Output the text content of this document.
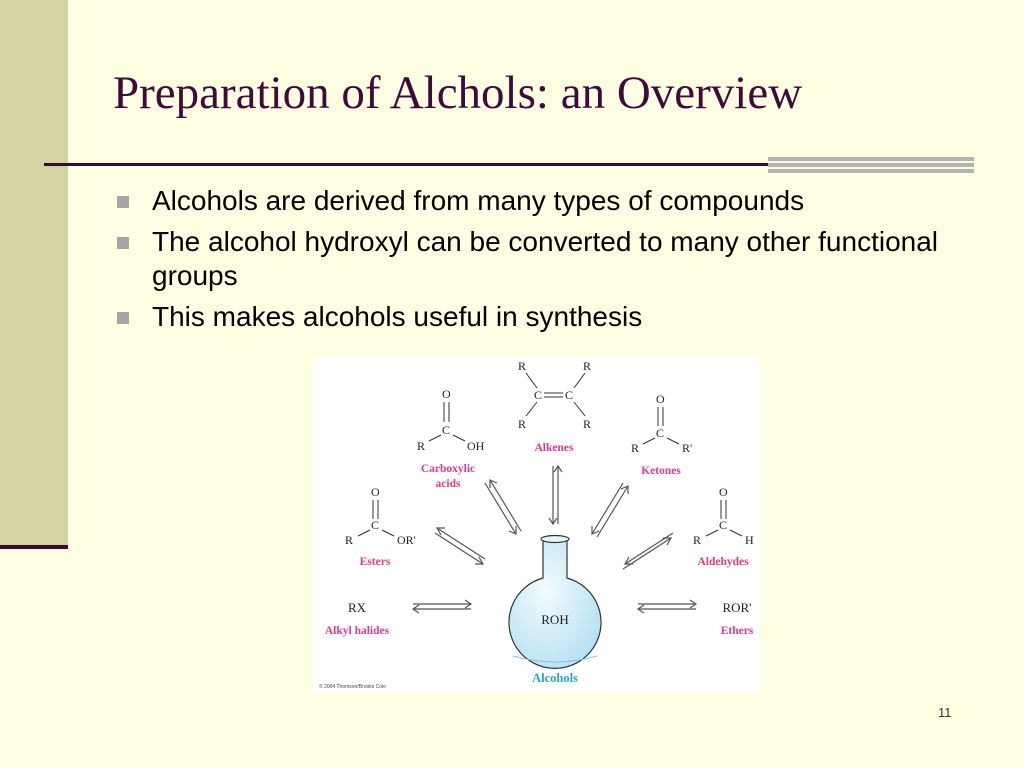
Preparation of Alchols: an Overview
Alcohols are derived from many types of compounds
The alcohol hydroxyl can be converted to many other functional groups
This makes alcohols useful in synthesis
R	R
C C
R	R
Alkenes
O
C
R	OH
Carboxylic
acids
O
C
R	R'
Ketones
O
C
R	OR'
Esters
O
C
R	H
Aldehydes
RX
Alkyl halides
ROR'
Ethers
ROH
Alcohols
© 2004 Thomson/Brooks Cole
11
